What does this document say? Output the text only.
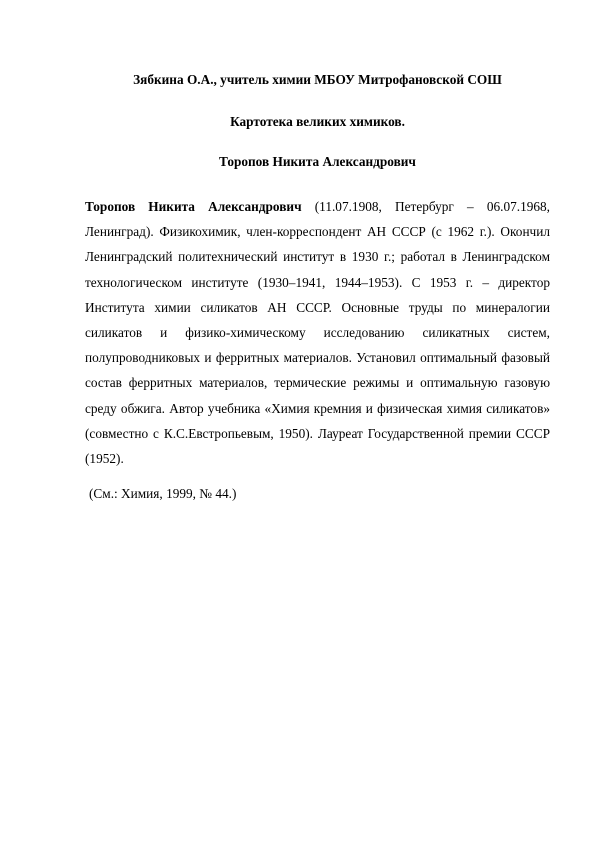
Зябкина О.А., учитель химии МБОУ Митрофановской СОШ
Картотека великих химиков.
Торопов Никита Александрович

Торопов Никита Александрович (11.07.1908, Петербург – 06.07.1968, Ленинград). Физикохимик, член-корреспондент АН СССР (с 1962 г.). Окончил Ленинградский политехнический институт в 1930 г.; работал в Ленинградском технологическом институте (1930–1941, 1944–1953). С 1953 г. – директор Института химии силикатов АН СССР. Основные труды по минералогии силикатов и физико-химическому исследованию силикатных систем, полупроводниковых и ферритных материалов. Установил оптимальный фазовый состав ферритных материалов, термические режимы и оптимальную газовую среду обжига. Автор учебника «Химия кремния и физическая химия силикатов» (совместно с К.С.Евстропьевым, 1950). Лауреат Государственной премии СССР (1952).

(См.: Химия, 1999, № 44.)
